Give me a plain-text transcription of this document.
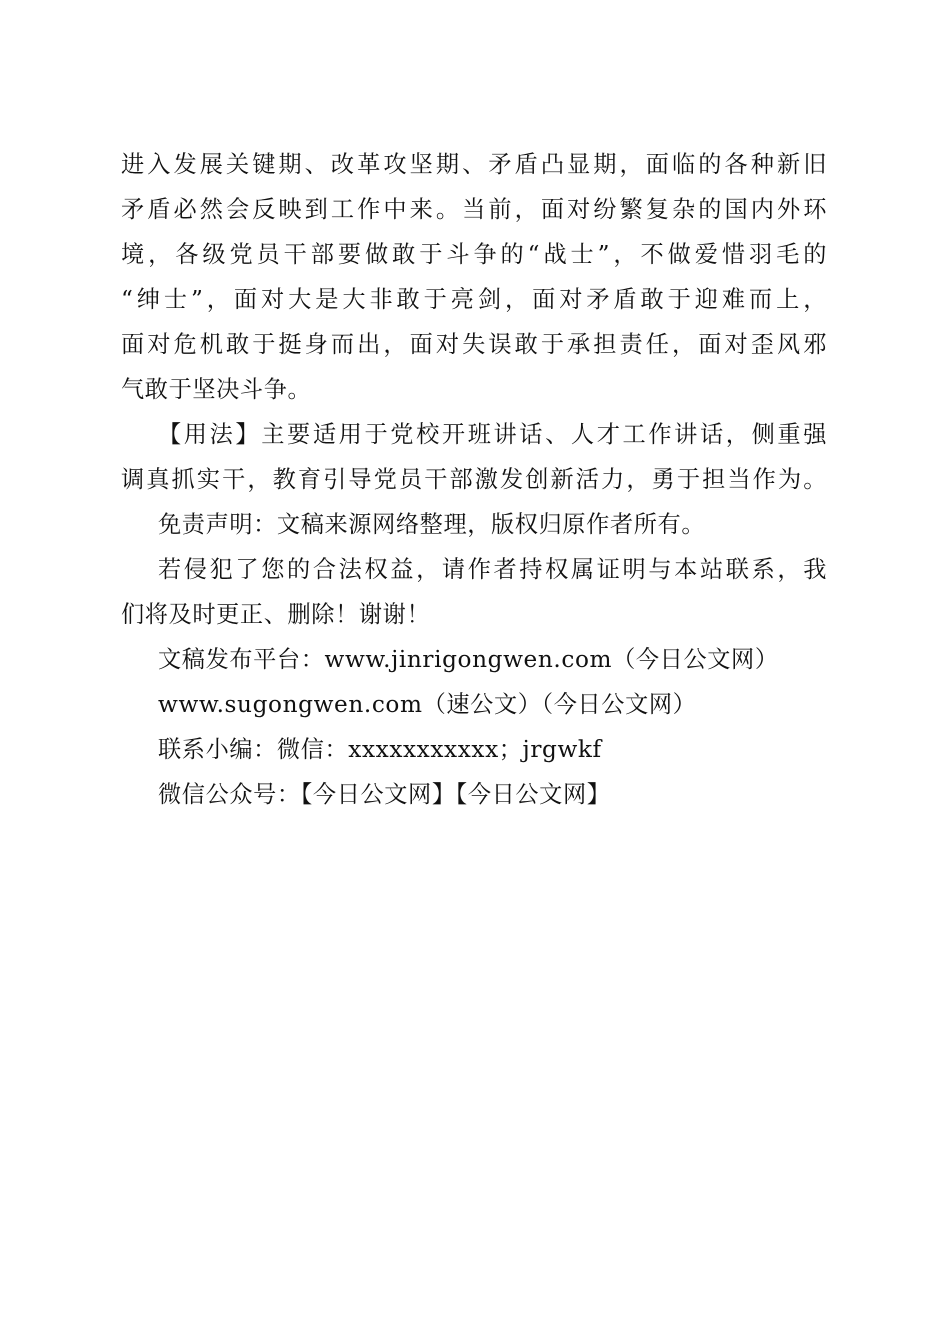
进入发展关键期、改革攻坚期、矛盾凸显期，面临的各种新旧
矛盾必然会反映到工作中来。当前，面对纷繁复杂的国内外环
境，各级党员干部要做敢于斗争的“战士”，不做爱惜羽毛的
“绅士”，面对大是大非敢于亮剑，面对矛盾敢于迎难而上，
面对危机敢于挺身而出，面对失误敢于承担责任，面对歪风邪
气敢于坚决斗争。
【用法】主要适用于党校开班讲话、人才工作讲话，侧重强
调真抓实干，教育引导党员干部激发创新活力，勇于担当作为。
免责声明：文稿来源网络整理，版权归原作者所有。
若侵犯了您的合法权益，请作者持权属证明与本站联系，我
们将及时更正、删除！谢谢！
文稿发布平台：www.jinrigongwen.com（今日公文网）
www.sugongwen.com（速公文）（今日公文网）
联系小编：微信：xxxxxxxxxxx；jrgwkf
微信公众号：【今日公文网】【今日公文网】
